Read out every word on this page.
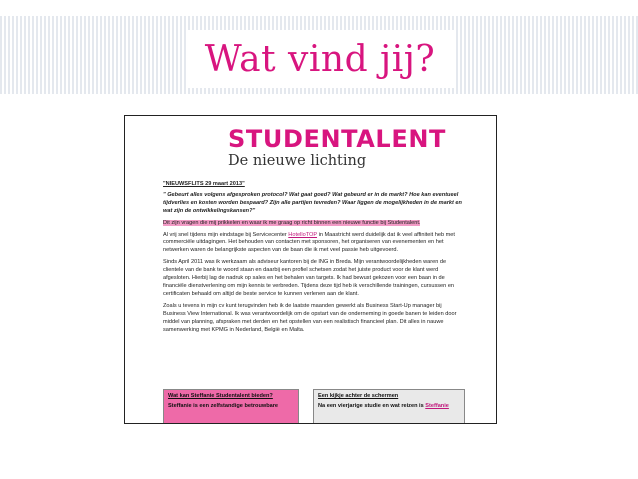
Wat vind jij?
STUDENTALENT
De nieuwe lichting

"NIEUWSFLITS 29 maart 2013"

" Gebeurt alles volgens afgesproken protocol? Wat gaat goed? Wat gebeurd er in de markt? Hoe kan eventueel tijdverlies en kosten worden bespaard? Zijn alle partijen tevreden? Waar liggen de mogelijkheden in de markt en wat zijn de ontwikkelingskansen?"

Dit zijn vragen die mij prikkelen en waar ik me graag op richt binnen een nieuwe functie bij Studentalent.

Al vrij snel tijdens mijn eindstage bij Servicecenter HotelloTOP in Maastricht werd duidelijk dat ik veel affiniteit heb met commerciële uitdagingen. Het behouden van contacten met sponsoren, het organiseren van evenementen en het netwerken waren de belangrijkste aspecten van de baan die ik met veel passie heb uitgevoerd.

Sinds April 2011 was ik werkzaam als adviseur kantoren bij de ING in Breda. Mijn verantwoordelijkheden waren de clientele van de bank te woord staan en daarbij een profiel schetsen zodat het juiste product voor de klant werd afgesloten. Hierbij lag de nadruk op sales en het behalen van targets. Ik had bewust gekozen voor een baan in de financiële dienstverlening om mijn kennis te verbreden. Tijdens deze tijd heb ik verschillende trainingen, cursussen en certificaten behaald om altijd de beste service te kunnen verlenen aan de klant.

Zoals u tevens in mijn cv kunt terugvinden heb ik de laatste maanden gewerkt als Business Start-Up manager bij Business View International. Ik was verantwoordelijk om de opstart van de onderneming in goede banen te leiden door middel van planning, afspraken met derden en het opstellen van een realistisch financieel plan. Dit alles in nauwe samenwerking met KPMG in Nederland, België en Malta.

Wat kan Steffanie Studentalent bieden?
Steffanie is een zelfstandige betrouwbare
Een kijkje achter de schermen
Na een vierjarige studie en wat reizen is Steffanie
